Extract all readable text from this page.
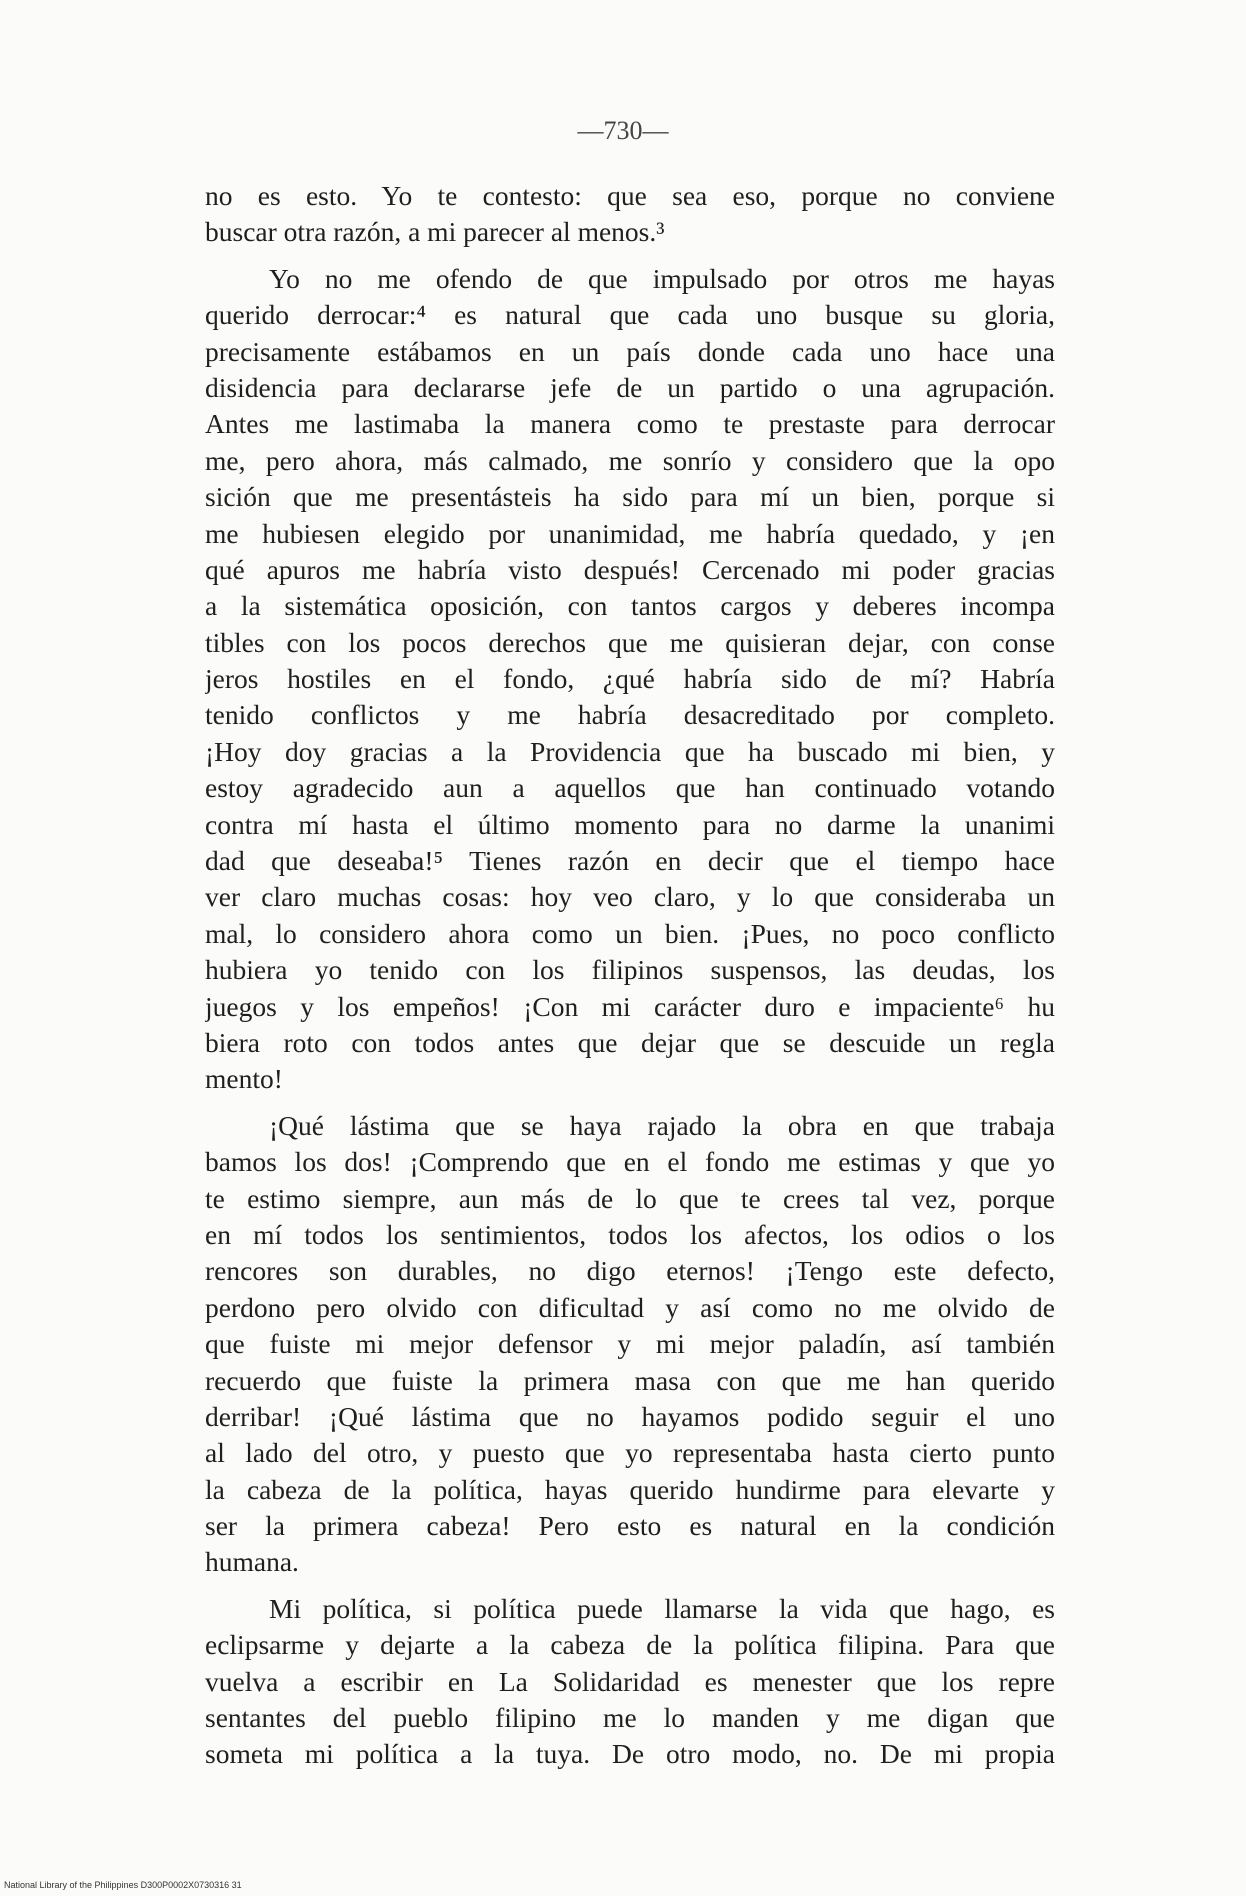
—730—
no es esto. Yo te contesto: que sea eso, porque no conviene
buscar otra razón, a mi parecer al menos.³
Yo no me ofendo de que impulsado por otros me hayas
querido derrocar:⁴ es natural que cada uno busque su gloria,
precisamente estábamos en un país donde cada uno hace una
disidencia para declararse jefe de un partido o una agrupación.
Antes me lastimaba la manera como te prestaste para derrocar
me, pero ahora, más calmado, me sonrío y considero que la opo
sición que me presentásteis ha sido para mí un bien, porque si
me hubiesen elegido por unanimidad, me habría quedado, y ¡en
qué apuros me habría visto después! Cercenado mi poder gracias
a la sistemática oposición, con tantos cargos y deberes incompa
tibles con los pocos derechos que me quisieran dejar, con conse
jeros hostiles en el fondo, ¿qué habría sido de mí? Habría
tenido conflictos y me habría desacreditado por completo.
¡Hoy doy gracias a la Providencia que ha buscado mi bien, y
estoy agradecido aun a aquellos que han continuado votando
contra mí hasta el último momento para no darme la unanimi
dad que deseaba!⁵ Tienes razón en decir que el tiempo hace
ver claro muchas cosas: hoy veo claro, y lo que consideraba un
mal, lo considero ahora como un bien. ¡Pues, no poco conflicto
hubiera yo tenido con los filipinos suspensos, las deudas, los
juegos y los empeños! ¡Con mi carácter duro e impaciente⁶ hu
biera roto con todos antes que dejar que se descuide un regla
mento!
¡Qué lástima que se haya rajado la obra en que trabaja
bamos los dos! ¡Comprendo que en el fondo me estimas y que yo
te estimo siempre, aun más de lo que te crees tal vez, porque
en mí todos los sentimientos, todos los afectos, los odios o los
rencores son durables, no digo eternos! ¡Tengo este defecto,
perdono pero olvido con dificultad y así como no me olvido de
que fuiste mi mejor defensor y mi mejor paladín, así también
recuerdo que fuiste la primera masa con que me han querido
derribar! ¡Qué lástima que no hayamos podido seguir el uno
al lado del otro, y puesto que yo representaba hasta cierto punto
la cabeza de la política, hayas querido hundirme para elevarte y
ser la primera cabeza! Pero esto es natural en la condición
humana.
Mi política, si política puede llamarse la vida que hago, es
eclipsarme y dejarte a la cabeza de la política filipina. Para que
vuelva a escribir en La Solidaridad es menester que los repre
sentantes del pueblo filipino me lo manden y me digan que
someta mi política a la tuya. De otro modo, no. De mi propia
National Library of the Philippines D300P0002X0730316 31
